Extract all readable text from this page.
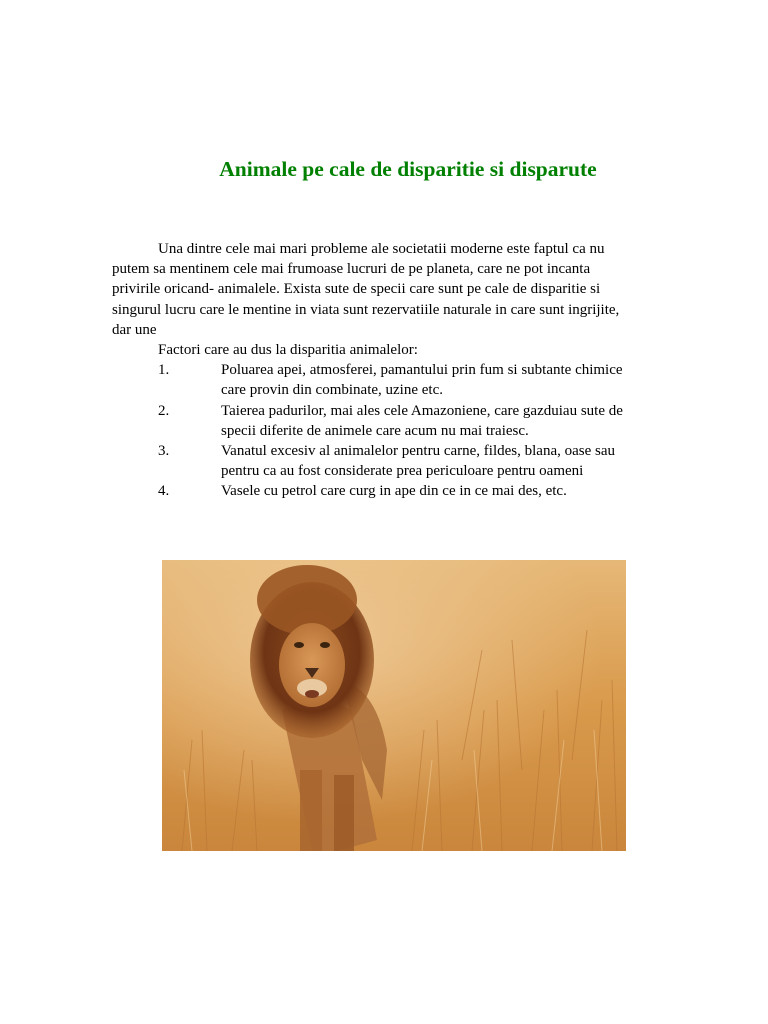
Animale pe cale de disparitie si disparute

Una dintre cele mai mari probleme ale societatii moderne este faptul ca nu putem sa mentinem cele mai frumoase lucruri de pe planeta, care ne pot incanta privirile oricand- animalele. Exista sute de specii care sunt pe cale de disparitie si singurul lucru care le mentine in viata sunt rezervatiile naturale in care sunt ingrijite, dar une

Factori care au dus la disparitia animalelor:

1.	Poluarea apei, atmosferei, pamantului prin fum si subtante chimice care provin din combinate, uzine etc.
2.	Taierea padurilor, mai ales cele Amazoniene, care gazduiau sute de specii diferite de animele care acum nu mai traiesc.
3.	Vanatul excesiv al animalelor pentru carne, fildes, blana, oase sau pentru ca au fost considerate prea periculoare pentru oameni
4.	Vasele cu petrol care curg in ape din ce in ce mai des, etc.
